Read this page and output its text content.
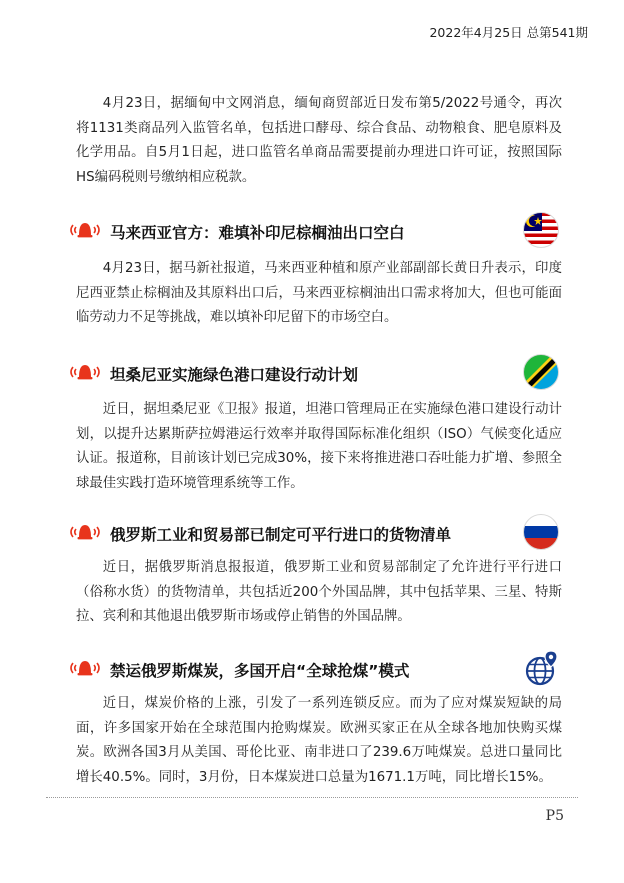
2022年4月25日 总第541期

4月23日，据缅甸中文网消息，缅甸商贸部近日发布第5/2022号通令，再次将1131类商品列入监管名单，包括进口酵母、综合食品、动物粮食、肥皂原料及化学用品。自5月1日起，进口监管名单商品需要提前办理进口许可证，按照国际HS编码税则号缴纳相应税款。

马来西亚官方：难填补印尼棕榈油出口空白

4月23日，据马新社报道，马来西亚种植和原产业部副部长黄日升表示，印度尼西亚禁止棕榈油及其原料出口后，马来西亚棕榈油出口需求将加大，但也可能面临劳动力不足等挑战，难以填补印尼留下的市场空白。

坦桑尼亚实施绿色港口建设行动计划

近日，据坦桑尼亚《卫报》报道，坦港口管理局正在实施绿色港口建设行动计划，以提升达累斯萨拉姆港运行效率并取得国际标准化组织（ISO）气候变化适应认证。报道称，目前该计划已完成30%，接下来将推进港口吞吐能力扩增、参照全球最佳实践打造环境管理系统等工作。

俄罗斯工业和贸易部已制定可平行进口的货物清单

近日，据俄罗斯消息报报道，俄罗斯工业和贸易部制定了允许进行平行进口（俗称水货）的货物清单，共包括近200个外国品牌，其中包括苹果、三星、特斯拉、宾利和其他退出俄罗斯市场或停止销售的外国品牌。

禁运俄罗斯煤炭，多国开启“全球抢煤”模式

近日，煤炭价格的上涨，引发了一系列连锁反应。而为了应对煤炭短缺的局面，许多国家开始在全球范围内抢购煤炭。欧洲买家正在从全球各地加快购买煤炭。欧洲各国3月从美国、哥伦比亚、南非进口了239.6万吨煤炭。总进口量同比增长40.5%。同时，3月份，日本煤炭进口总量为1671.1万吨，同比增长15%。

P5
